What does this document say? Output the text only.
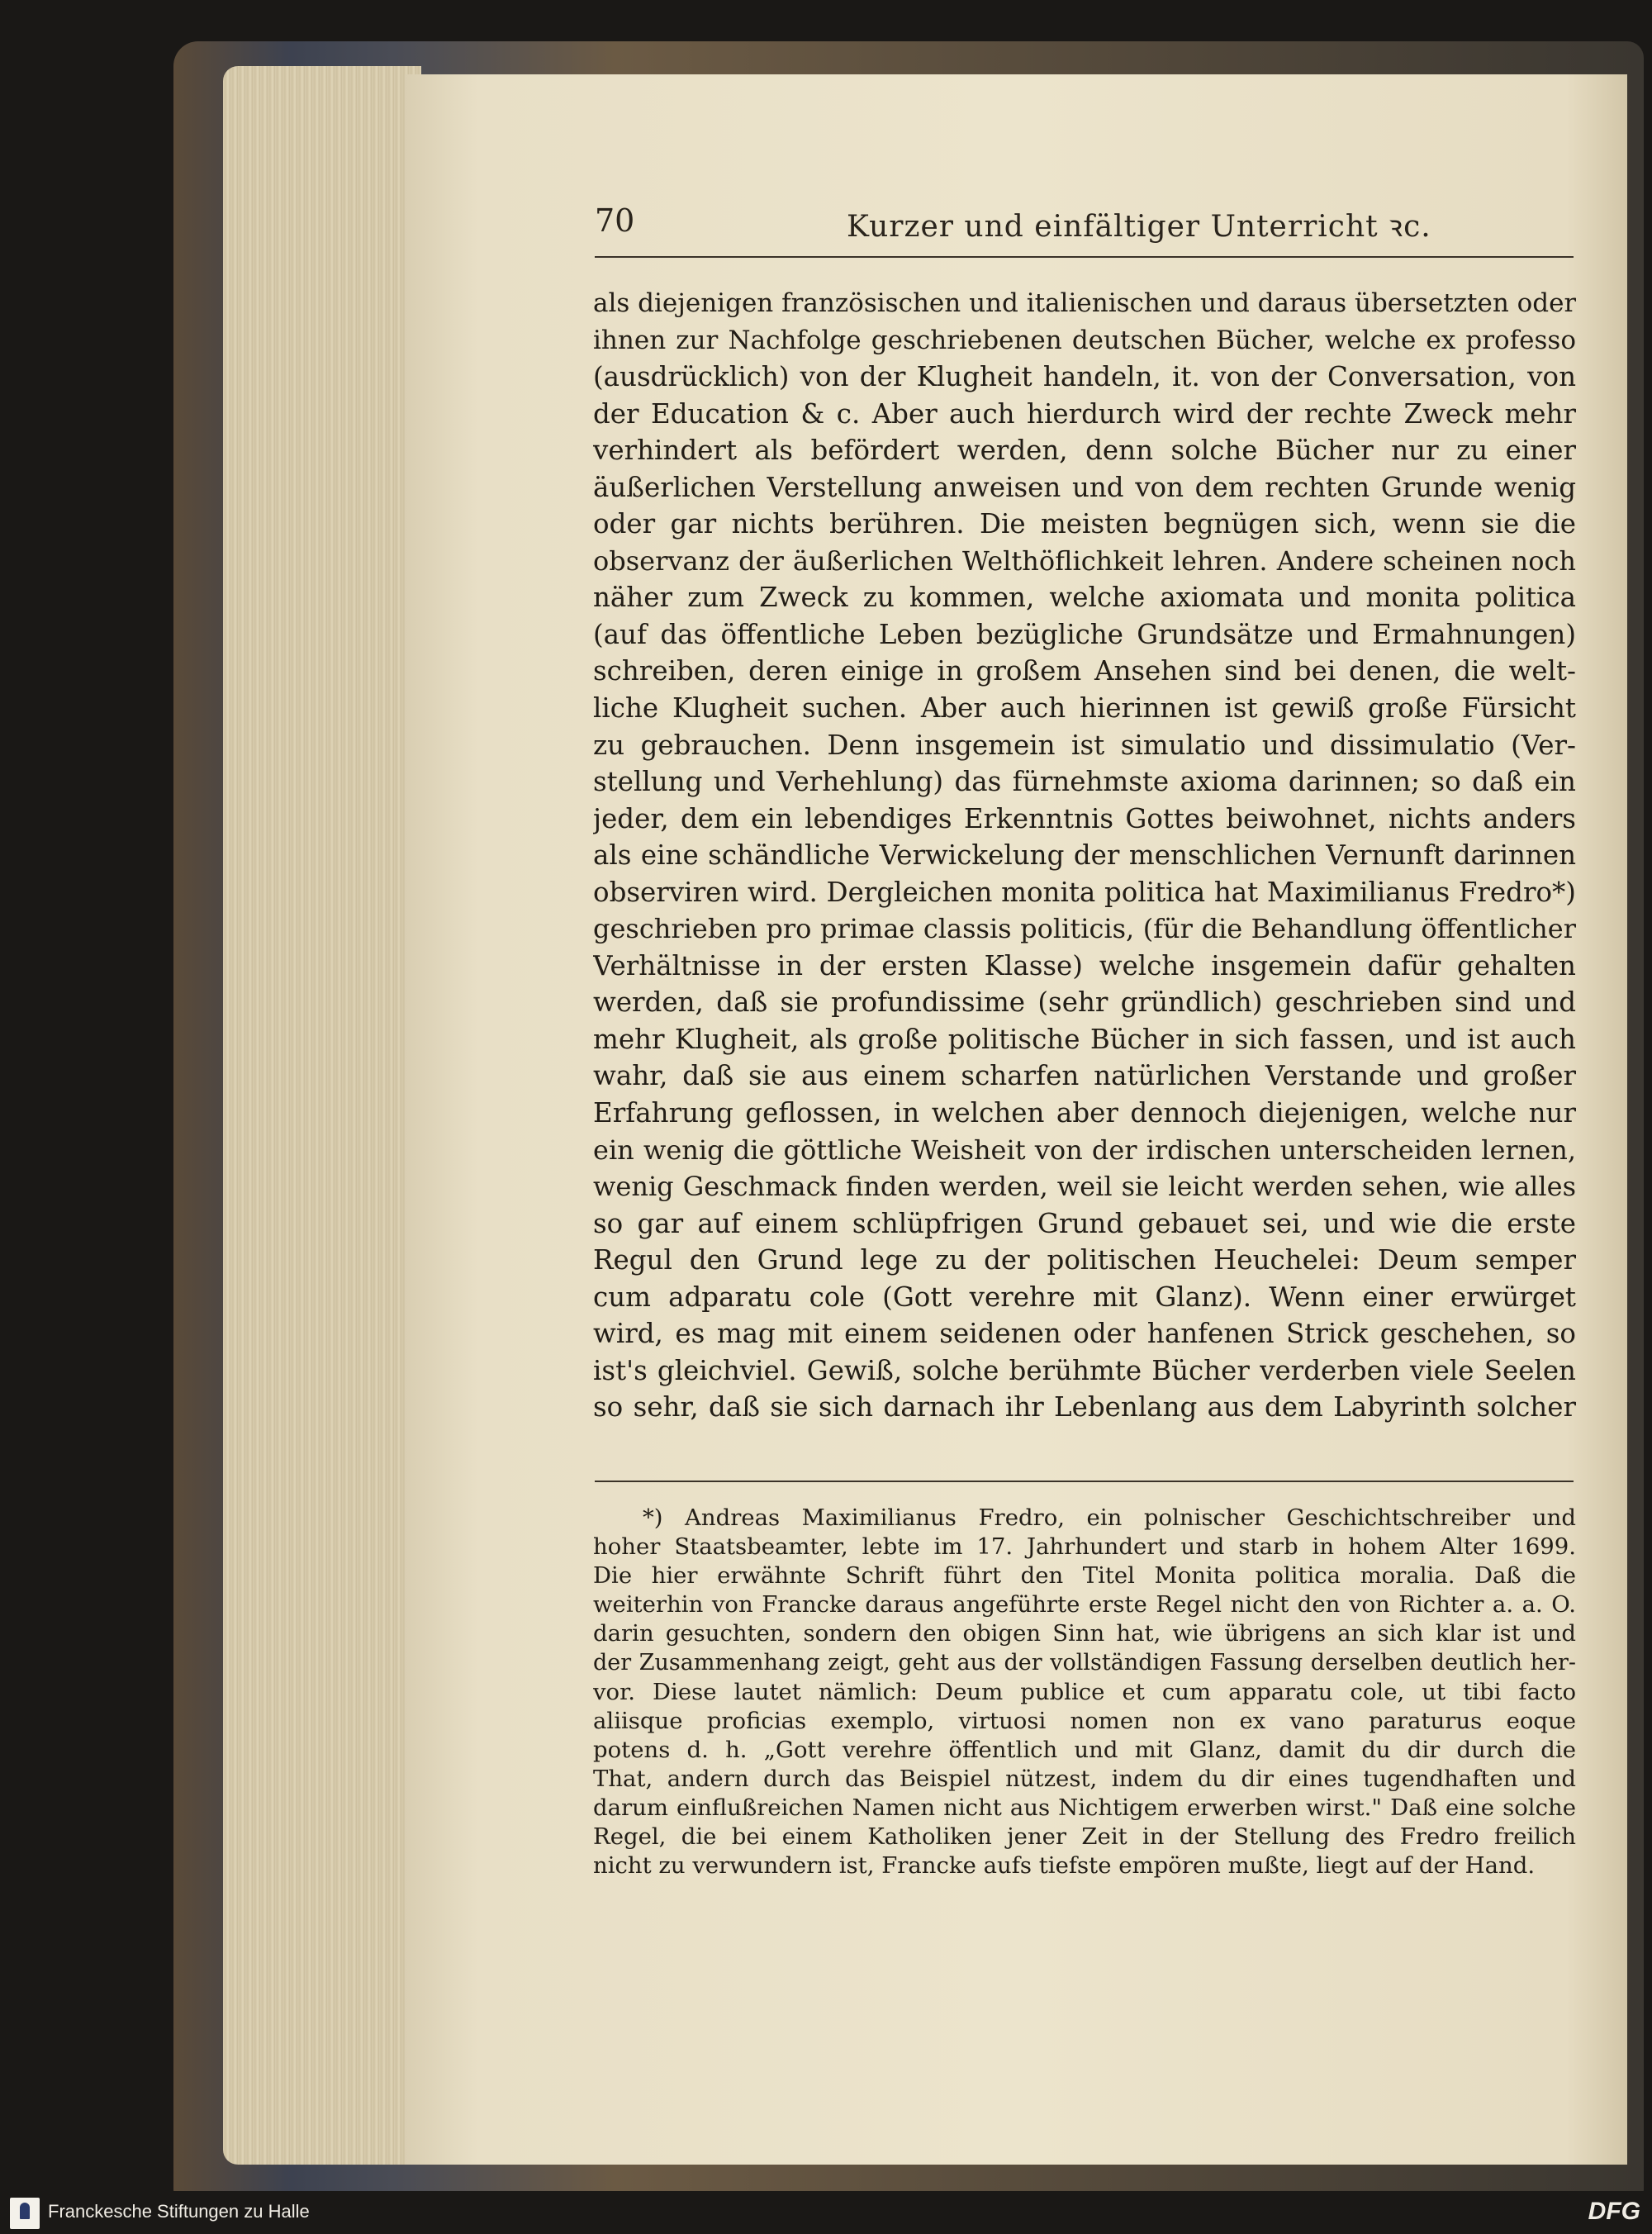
70	Kurzer und einfältiger Unterricht ꝛc.
als diejenigen französischen und italienischen und daraus übersetzten oder
ihnen zur Nachfolge geschriebenen deutschen Bücher, welche ex professo
(ausdrücklich) von der Klugheit handeln, it. von der Conversation, von
der Education & c. Aber auch hierdurch wird der rechte Zweck mehr
verhindert als befördert werden, denn solche Bücher nur zu einer
äußerlichen Verstellung anweisen und von dem rechten Grunde wenig
oder gar nichts berühren. Die meisten begnügen sich, wenn sie die
observanz der äußerlichen Welthöflichkeit lehren. Andere scheinen noch
näher zum Zweck zu kommen, welche axiomata und monita politica
(auf das öffentliche Leben bezügliche Grundsätze und Ermahnungen)
schreiben, deren einige in großem Ansehen sind bei denen, die welt-
liche Klugheit suchen. Aber auch hierinnen ist gewiß große Fürsicht
zu gebrauchen. Denn insgemein ist simulatio und dissimulatio (Ver-
stellung und Verhehlung) das fürnehmste axioma darinnen; so daß ein
jeder, dem ein lebendiges Erkenntnis Gottes beiwohnet, nichts anders
als eine schändliche Verwickelung der menschlichen Vernunft darinnen
observiren wird. Dergleichen monita politica hat Maximilianus Fredro*)
geschrieben pro primae classis politicis, (für die Behandlung öffentlicher
Verhältnisse in der ersten Klasse) welche insgemein dafür gehalten
werden, daß sie profundissime (sehr gründlich) geschrieben sind und
mehr Klugheit, als große politische Bücher in sich fassen, und ist auch
wahr, daß sie aus einem scharfen natürlichen Verstande und großer
Erfahrung geflossen, in welchen aber dennoch diejenigen, welche nur
ein wenig die göttliche Weisheit von der irdischen unterscheiden lernen,
wenig Geschmack finden werden, weil sie leicht werden sehen, wie alles
so gar auf einem schlüpfrigen Grund gebauet sei, und wie die erste
Regul den Grund lege zu der politischen Heuchelei: Deum semper
cum adparatu cole (Gott verehre mit Glanz). Wenn einer erwürget
wird, es mag mit einem seidenen oder hanfenen Strick geschehen, so
ist's gleichviel. Gewiß, solche berühmte Bücher verderben viele Seelen
so sehr, daß sie sich darnach ihr Lebenlang aus dem Labyrinth solcher
*) Andreas Maximilianus Fredro, ein polnischer Geschichtschreiber und
hoher Staatsbeamter, lebte im 17. Jahrhundert und starb in hohem Alter 1699.
Die hier erwähnte Schrift führt den Titel Monita politica moralia. Daß die
weiterhin von Francke daraus angeführte erste Regel nicht den von Richter a. a. O.
darin gesuchten, sondern den obigen Sinn hat, wie übrigens an sich klar ist und
der Zusammenhang zeigt, geht aus der vollständigen Fassung derselben deutlich her-
vor. Diese lautet nämlich: Deum publice et cum apparatu cole, ut tibi facto
aliisque proficias exemplo, virtuosi nomen non ex vano paraturus eoque
potens d. h. „Gott verehre öffentlich und mit Glanz, damit du dir durch die
That, andern durch das Beispiel nützest, indem du dir eines tugendhaften und
darum einflußreichen Namen nicht aus Nichtigem erwerben wirst." Daß eine solche
Regel, die bei einem Katholiken jener Zeit in der Stellung des Fredro freilich
nicht zu verwundern ist, Francke aufs tiefste empören mußte, liegt auf der Hand.
Franckesche Stiftungen zu Halle	DFG
